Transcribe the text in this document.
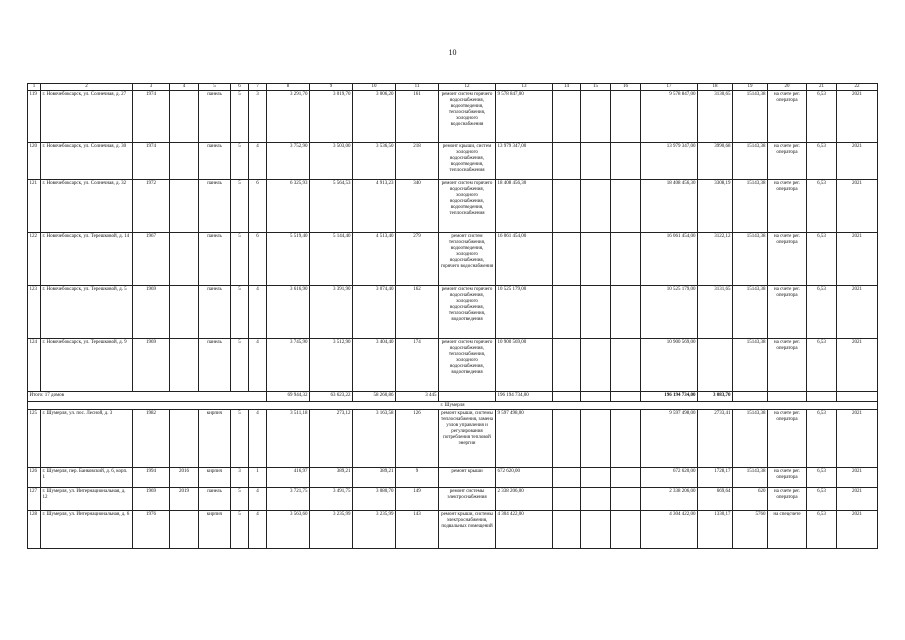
10
1	2	3	4	5	6	7	8	9	10	11	12	13	14	15	16	17	18	19	20	21	22
119	г. Новочебоксарск, ул. Солнечная, д. 27	1974		панель	5	3	3 291,70	3 019,70	3 006,20	161	ремонт систем горячего водоснабжения, водоотведения, теплоснабжения, холодного водоснабжения	9 578 847,00				9 578 847,00	3130,65	15143,38	на счете рег. оператора	6,53	2021
120	г. Новочебоксарск, ул. Солнечная, д. 30	1974		панель	5	4	3 752,90	3 503,00	3 536,50	218	ремонт крыши, систем холодного водоснабжения, водоотведения, теплоснабжения	13 979 347,00				13 979 347,00	3990,68	15143,38	на счете рег. оператора	6,53	2021
121	г. Новочебоксарск, ул. Солнечная, д. 32	1972		панель	5	6	6 325,93	5 564,53	4 913,23	340	ремонт систем горячего водоснабжения, холодного водоснабжения, водоотведения, теплоснабжения	18 408 456,30				18 408 456,30	3308,19	15143,38	на счете рег. оператора	6,53	2021
122	г. Новочебоксарск, ул. Терешковой, д. 14	1967		панель	5	6	5 519,40	5 144,40	4 513,40	279	ремонт систем теплоснабжения, водоотведения, холодного водоснабжения, горячего водоснабжения	16 061 454,00				16 061 454,00	3122,12	15143,38	на счете рег. оператора	6,53	2021
123	г. Новочебоксарск, ул. Терешковой, д. 5	1969		панель	5	4	3 616,90	3 391,90	3 074,40	162	ремонт систем горячего водоснабжения, холодного водоснабжения, теплоснабжения, водоотведения	10 525 179,00				10 525 179,00	3131,65	15143,38	на счете рег. оператора	6,53	2021
124	г. Новочебоксарск, ул. Терешковой, д. 9	1969		панель	5	4	3 745,90	3 512,90	3 404,40	174	ремонт систем горячего водоснабжения, теплоснабжения, холодного водоснабжения, водоотведения	10 900 569,00				10 900 569,00		15143,38	на счете рег. оператора	6,53	2021
Итого: 17 домов							69 944,32	63 623,22	58 260,86	3 445		196 194 734,00				196 194 734,00	3 083,70				
г. Шумерля																					
125	г. Шумерля, ул. пос. Лесной, д. 3	1982		кирпич	5	4	3 511,18	273,12	3 163,58	126	ремонт крыши, системы теплоснабжения, замена узлов управления и регулирования потребления тепловой энергии	9 597 498,00				9 597 498,00	2733,41	15143,38	на счете рег. оператора	6,53	2021
126	г. Шумерля, пер. Банковский, д. 6, корп. 1	1994	2016	кирпич	3	1	416,97	389,21	389,21	9	ремонт крыши	672 620,00				672 620,00	1728,17	15143,38	на счете рег. оператора	6,53	2021
127	г. Шумерля, ул. Интернациональная, д. 12	1969	2019	панель	5	4	3 721,75	3 491,75	3 080,70	149	ремонт системы электроснабжения	2 338 206,00				2 338 206,00	669,64	620	на счете рег. оператора	6,53	2021
128	г. Шумерля, ул. Интернациональная, д. 6	1976		кирпич	5	4	3 563,60	3 235,99	3 235,99	143	ремонт крыши, системы электроснабжения, подвальных помещений	4 304 422,00				4 304 422,00	1330,17	5760	на спецсчете	6,53	2021
